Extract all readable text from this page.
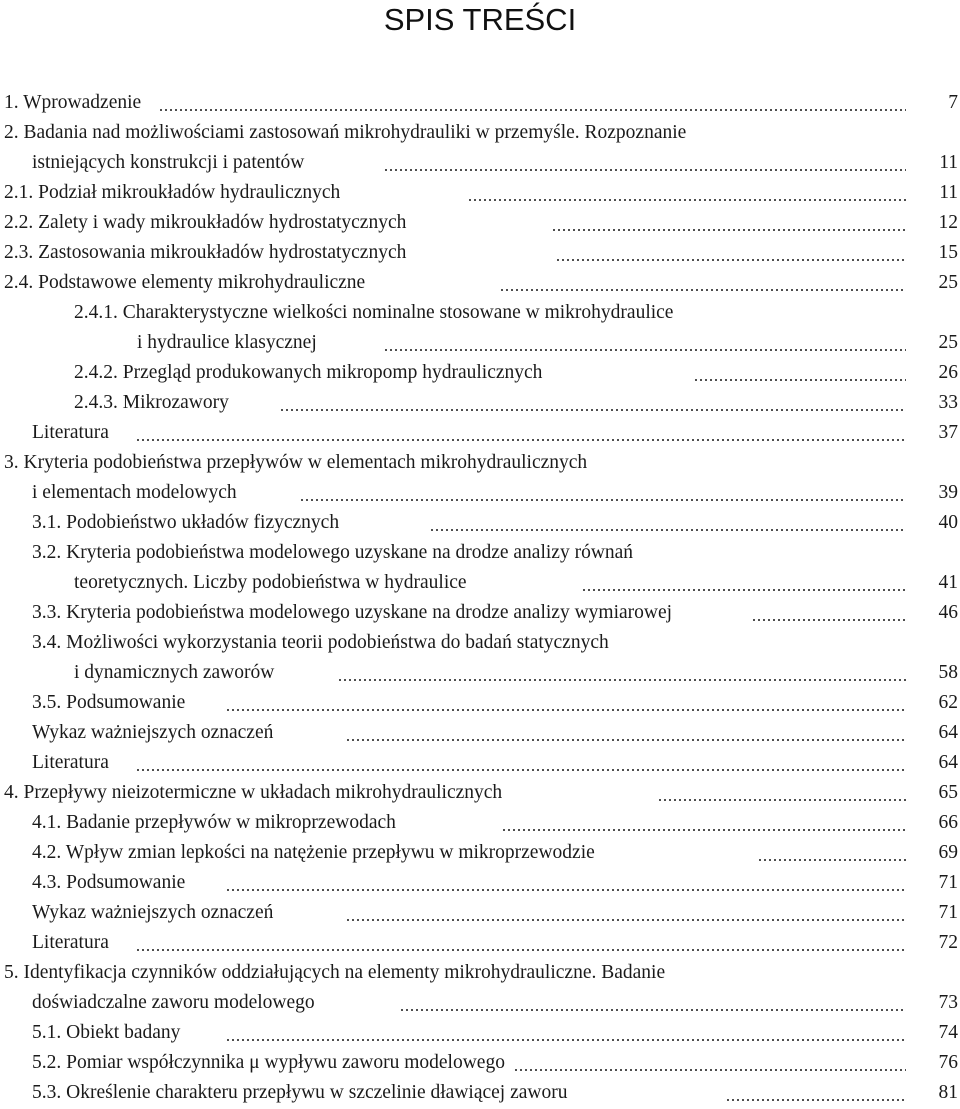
SPIS TREŚCI
1. Wprowadzenie	7
2. Badania nad możliwościami zastosowań mikrohydrauliki w przemyśle. Rozpoznanie
istniejących konstrukcji i patentów	11
2.1. Podział mikroukładów hydraulicznych	11
2.2. Zalety i wady mikroukładów hydrostatycznych	12
2.3. Zastosowania mikroukładów hydrostatycznych	15
2.4. Podstawowe elementy mikrohydrauliczne	25
2.4.1. Charakterystyczne wielkości nominalne stosowane w mikrohydraulice
i hydraulice klasycznej	25
2.4.2. Przegląd produkowanych mikropomp hydraulicznych	26
2.4.3. Mikrozawory	33
Literatura	37
3. Kryteria podobieństwa przepływów w elementach mikrohydraulicznych
i elementach modelowych	39
3.1. Podobieństwo układów fizycznych	40
3.2. Kryteria podobieństwa modelowego uzyskane na drodze analizy równań
teoretycznych. Liczby podobieństwa w hydraulice	41
3.3. Kryteria podobieństwa modelowego uzyskane na drodze analizy wymiarowej	46
3.4. Możliwości wykorzystania teorii podobieństwa do badań statycznych
i dynamicznych zaworów	58
3.5. Podsumowanie	62
Wykaz ważniejszych oznaczeń	64
Literatura	64
4. Przepływy nieizotermiczne w układach mikrohydraulicznych	65
4.1. Badanie przepływów w mikroprzewodach	66
4.2. Wpływ zmian lepkości na natężenie przepływu w mikroprzewodzie	69
4.3. Podsumowanie	71
Wykaz ważniejszych oznaczeń	71
Literatura	72
5. Identyfikacja czynników oddziałujących na elementy mikrohydrauliczne. Badanie
doświadczalne zaworu modelowego	73
5.1. Obiekt badany	74
5.2. Pomiar współczynnika μ wypływu zaworu modelowego	76
5.3. Określenie charakteru przepływu w szczelinie dławiącej zaworu	81
